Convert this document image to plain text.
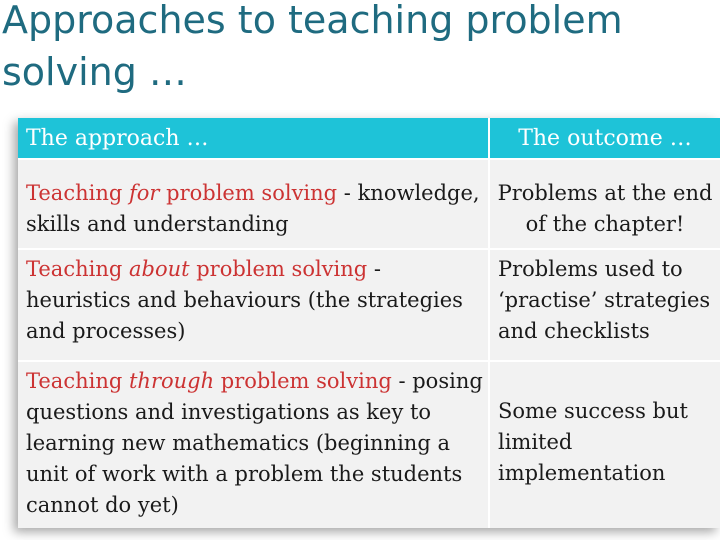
Approaches to teaching problem solving …
The approach …	The outcome …
Teaching for problem solving - knowledge, skills and understanding
Problems at the end of the chapter!
Teaching about problem solving - heuristics and behaviours (the strategies and processes)
Problems used to ‘practise’ strategies and checklists
Teaching through problem solving - posing questions and investigations as key to learning new mathematics (beginning a unit of work with a problem the students cannot do yet)
Some success but limited implementation
